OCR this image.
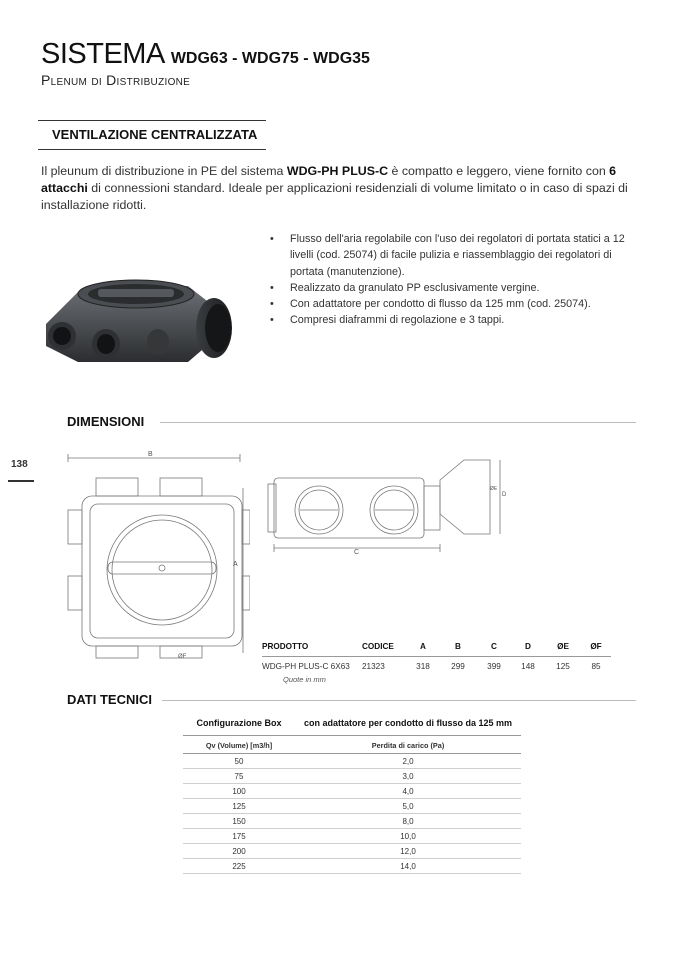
SISTEMA WDG63 - WDG75 - WDG35
Plenum di Distribuzione
VENTILAZIONE CENTRALIZZATA

Il pleunum di distribuzione in PE del sistema WDG-PH PLUS-C è compatto e leggero, viene fornito con 6 attacchi di connessioni standard. Ideale per applicazioni residenziali di volume limitato o in caso di spazi di installazione ridotti.

• Flusso dell'aria regolabile con l'uso dei regolatori di portata statici a 12 livelli (cod. 25074) di facile pulizia e riassemblaggio dei regolatori di portata (manutenzione).
• Realizzato da granulato PP esclusivamente vergine.
• Con adattatore per condotto di flusso da 125 mm (cod. 25074).
• Compresi diaframmi di regolazione e 3 tappi.
DIMENSIONI
138
B
A
ØF
C
D
ØE
PRODOTTO	CODICE	A	B	C	D	ØE	ØF
WDG-PH PLUS-C 6X63	21323	318	299	399	148	125	85
Quote in mm
DATI TECNICI
Configurazione Box	con adattatore per condotto di flusso da 125 mm
Qv (Volume) [m3/h]	Perdita di carico (Pa)
50	2,0
75	3,0
100	4,0
125	5,0
150	8,0
175	10,0
200	12,0
225	14,0
